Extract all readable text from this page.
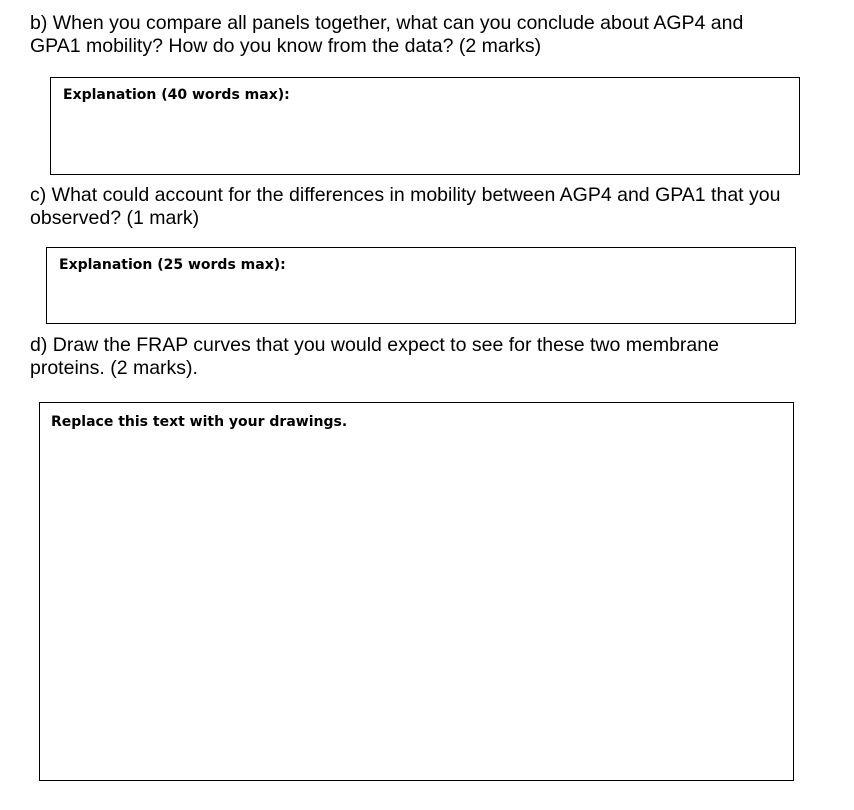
b) When you compare all panels together, what can you conclude about AGP4 and
GPA1 mobility? How do you know from the data? (2 marks)

Explanation (40 words max):

c) What could account for the differences in mobility between AGP4 and GPA1 that you
observed? (1 mark)

Explanation (25 words max):

d) Draw the FRAP curves that you would expect to see for these two membrane
proteins. (2 marks).

Replace this text with your drawings.
